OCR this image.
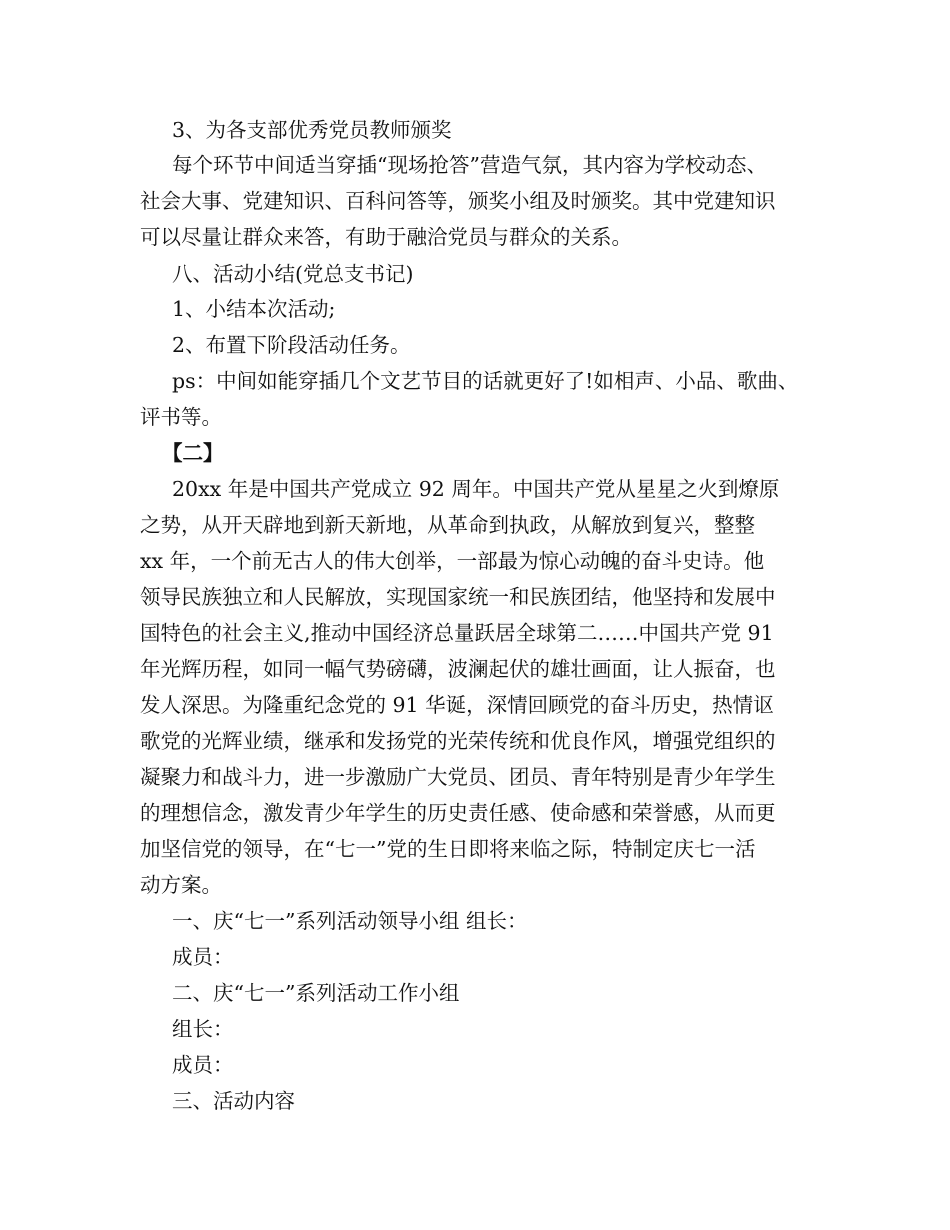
3、为各支部优秀党员教师颁奖
每个环节中间适当穿插“现场抢答”营造气氛，其内容为学校动态、
社会大事、党建知识、百科问答等，颁奖小组及时颁奖。其中党建知识
可以尽量让群众来答，有助于融洽党员与群众的关系。
八、活动小结(党总支书记)
1、小结本次活动;
2、布置下阶段活动任务。
ps：中间如能穿插几个文艺节目的话就更好了!如相声、小品、歌曲、
评书等。
【二】
20xx 年是中国共产党成立 92 周年。中国共产党从星星之火到燎原
之势，从开天辟地到新天新地，从革命到执政，从解放到复兴，整整
xx 年，一个前无古人的伟大创举，一部最为惊心动魄的奋斗史诗。他
领导民族独立和人民解放，实现国家统一和民族团结，他坚持和发展中
国特色的社会主义,推动中国经济总量跃居全球第二……中国共产党 91
年光辉历程，如同一幅气势磅礴，波澜起伏的雄壮画面，让人振奋，也
发人深思。为隆重纪念党的 91 华诞，深情回顾党的奋斗历史，热情讴
歌党的光辉业绩，继承和发扬党的光荣传统和优良作风，增强党组织的
凝聚力和战斗力，进一步激励广大党员、团员、青年特别是青少年学生
的理想信念，激发青少年学生的历史责任感、使命感和荣誉感，从而更
加坚信党的领导，在“七一”党的生日即将来临之际，特制定庆七一活
动方案。
一、庆“七一”系列活动领导小组 组长：
成员：
二、庆“七一”系列活动工作小组
组长：
成员：
三、活动内容
